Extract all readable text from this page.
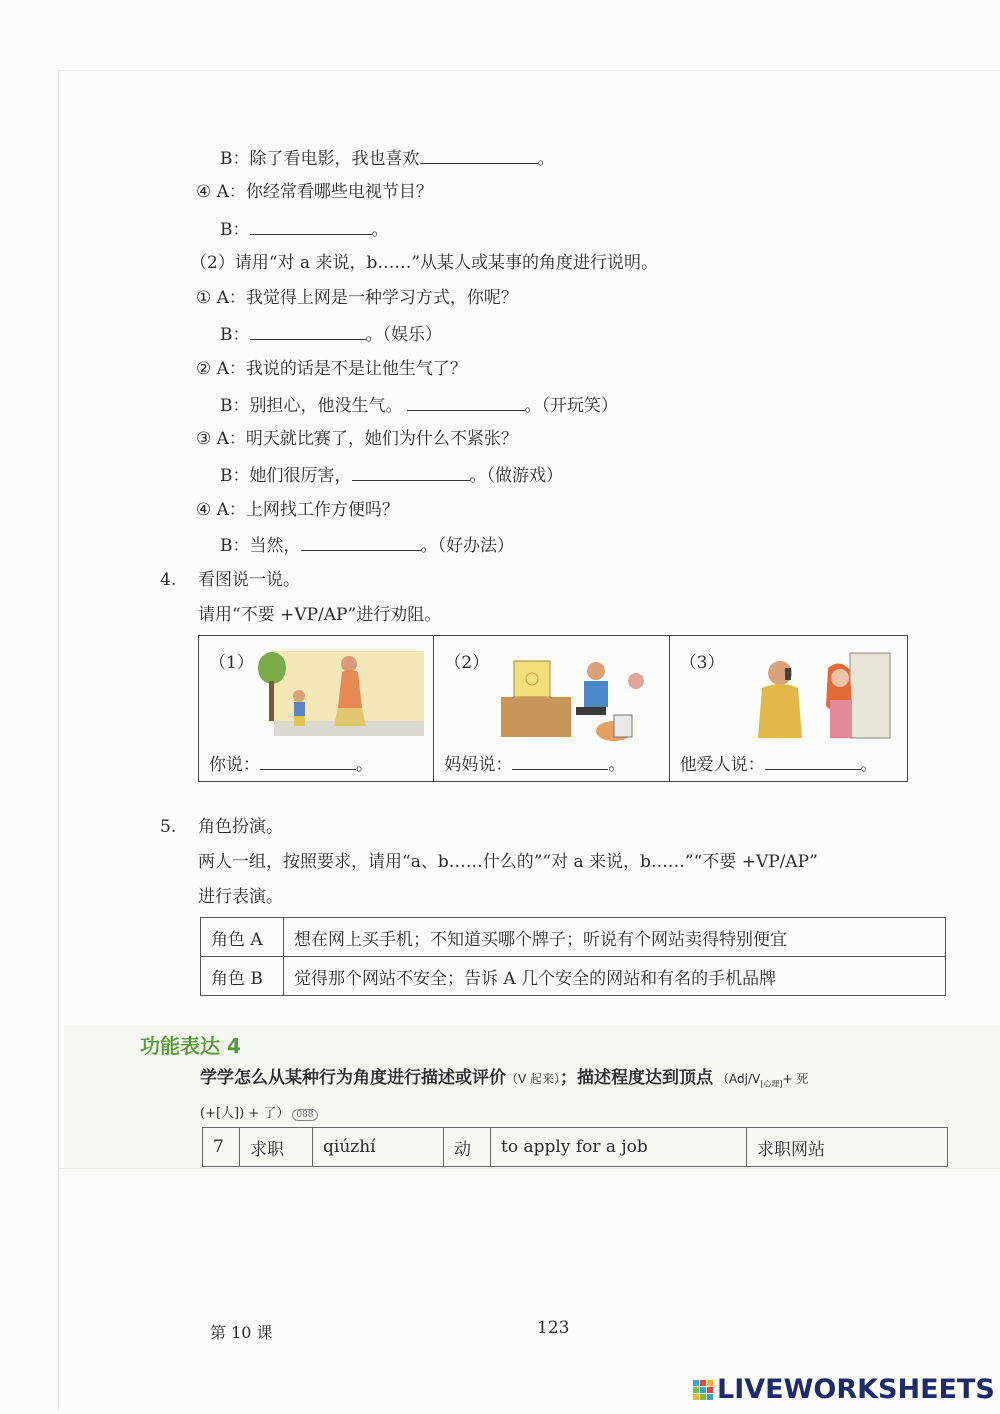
B：除了看电影，我也喜欢	。
④ A：你经常看哪些电视节目？
B：	。
（2）请用“对 a 来说，b……”从某人或某事的角度进行说明。
① A：我觉得上网是一种学习方式，你呢？
B：	。（娱乐）
② A：我说的话是不是让他生气了？
B：别担心，他没生气。	。（开玩笑）
③ A：明天就比赛了，她们为什么不紧张？
B：她们很厉害，	。（做游戏）
④ A：上网找工作方便吗？
B：当然，	。（好办法）
4. 看图说一说。
请用“不要 +VP/AP”进行劝阻。
（1）
你说：	。

（2）
妈妈说：	。

（3）
他爱人说：	。
5. 角色扮演。
两人一组，按照要求，请用“a、b……什么的”“对 a 来说，b……”“不要 +VP/AP”
进行表演。
角色 A	想在网上买手机；不知道买哪个牌子；听说有个网站卖得特别便宜
角色 B	觉得那个网站不安全；告诉 A 几个安全的网站和有名的手机品牌
功能表达 4
学学怎么从某种行为角度进行描述或评价（V 起来）；描述程度达到顶点 （$Adj/V_{[心理]}+$ 死
(+[人]) + 了） 088
7	求职	qiúzhí	动	to apply for a job	求职网站
第 10 课	123
LIVEWORKSHEETS
